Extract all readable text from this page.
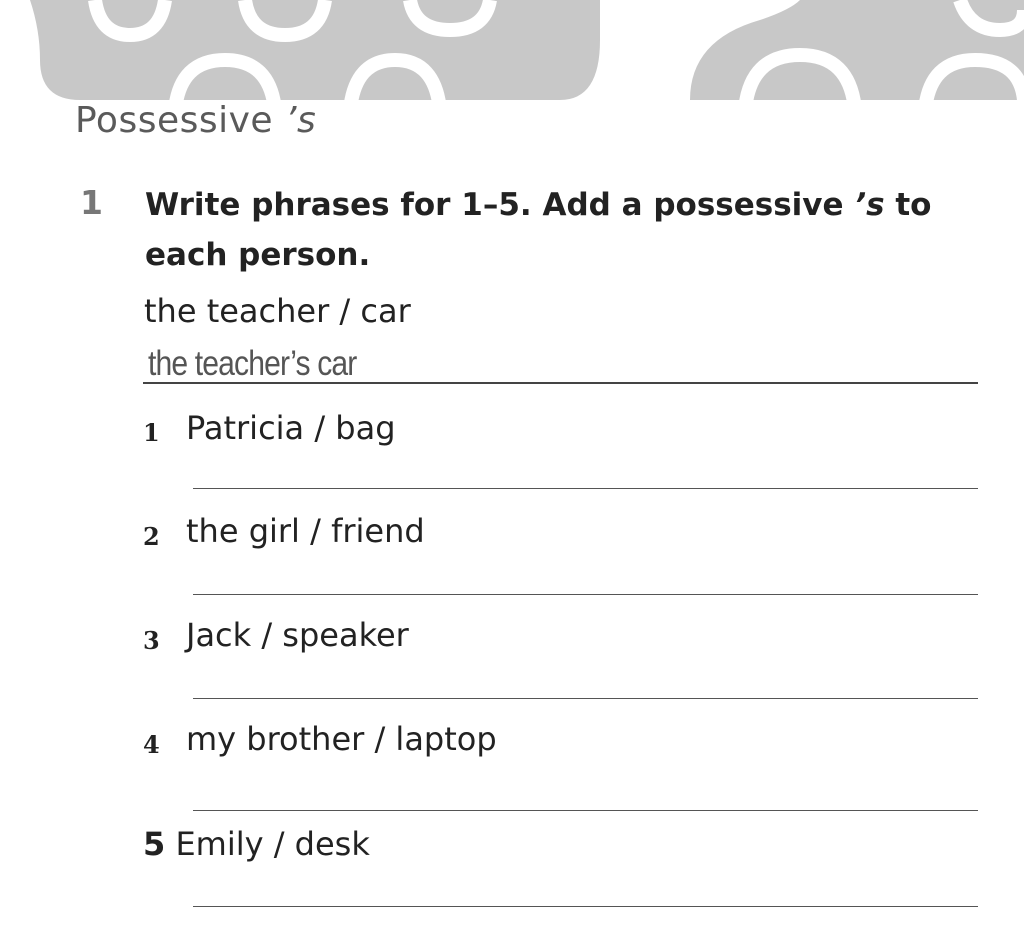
Possessive ’s
1 Write phrases for 1–5. Add a possessive ’s to each person.
the teacher / car
the teacher’s car
1 Patricia / bag
2 the girl / friend
3 Jack / speaker
4 my brother / laptop
5 Emily / desk
